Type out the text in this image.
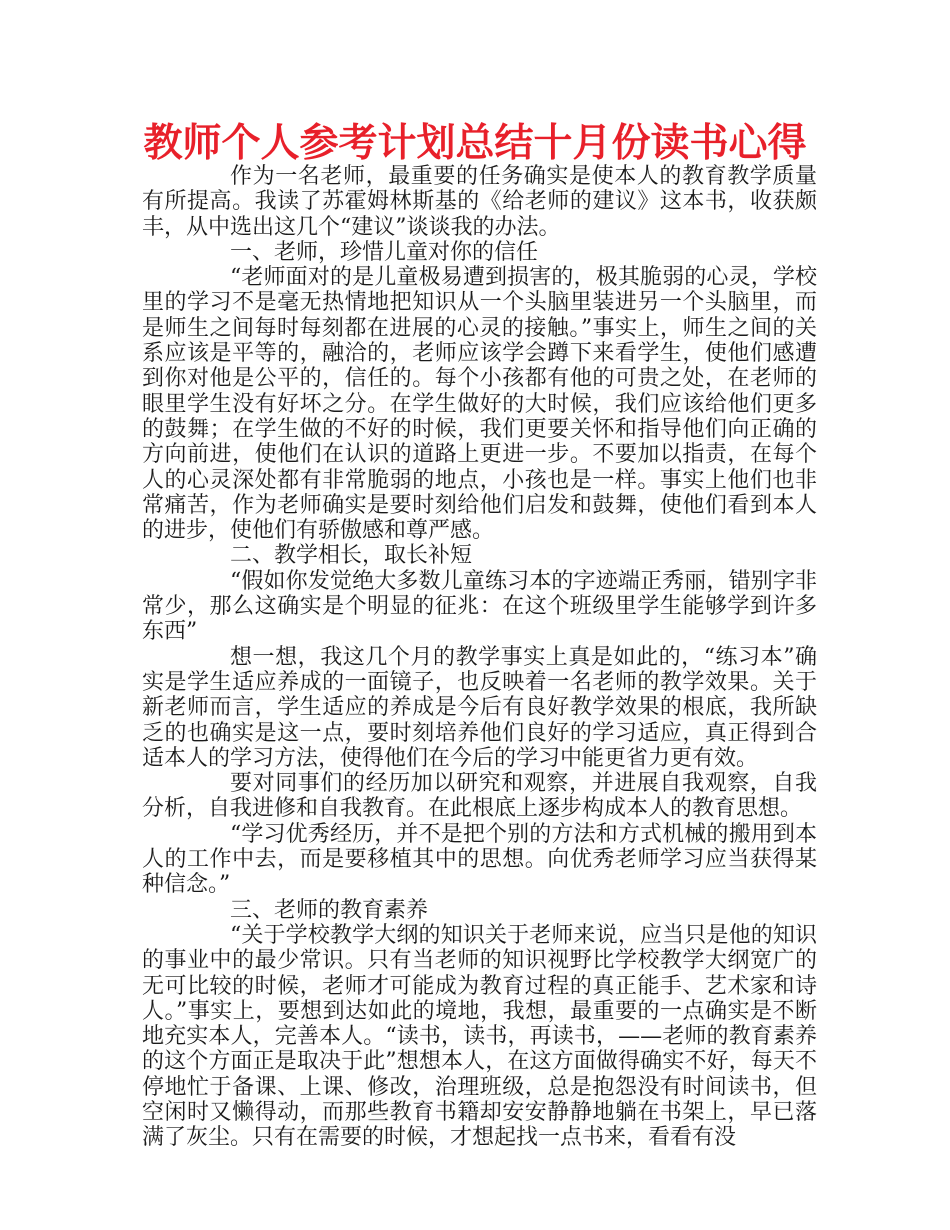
教师个人参考计划总结十月份读书心得

作为一名老师，最重要的任务确实是使本人的教育教学质量有所提高。我读了苏霍姆林斯基的《给老师的建议》这本书，收获颇丰，从中选出这几个“建议”谈谈我的办法。

一、老师，珍惜儿童对你的信任

“老师面对的是儿童极易遭到损害的，极其脆弱的心灵，学校里的学习不是毫无热情地把知识从一个头脑里装进另一个头脑里，而是师生之间每时每刻都在进展的心灵的接触。”事实上，师生之间的关系应该是平等的，融洽的，老师应该学会蹲下来看学生，使他们感遭到你对他是公平的，信任的。每个小孩都有他的可贵之处，在老师的眼里学生没有好坏之分。在学生做好的大时候，我们应该给他们更多的鼓舞；在学生做的不好的时候，我们更要关怀和指导他们向正确的方向前进，使他们在认识的道路上更进一步。不要加以指责，在每个人的心灵深处都有非常脆弱的地点，小孩也是一样。事实上他们也非常痛苦，作为老师确实是要时刻给他们启发和鼓舞，使他们看到本人的进步，使他们有骄傲感和尊严感。

二、教学相长，取长补短

“假如你发觉绝大多数儿童练习本的字迹端正秀丽，错别字非常少，那么这确实是个明显的征兆：在这个班级里学生能够学到许多东西”

想一想，我这几个月的教学事实上真是如此的，“练习本”确实是学生适应养成的一面镜子，也反映着一名老师的教学效果。关于新老师而言，学生适应的养成是今后有良好教学效果的根底，我所缺乏的也确实是这一点，要时刻培养他们良好的学习适应，真正得到合适本人的学习方法，使得他们在今后的学习中能更省力更有效。

要对同事们的经历加以研究和观察，并进展自我观察，自我分析，自我进修和自我教育。在此根底上逐步构成本人的教育思想。

“学习优秀经历，并不是把个别的方法和方式机械的搬用到本人的工作中去，而是要移植其中的思想。向优秀老师学习应当获得某种信念。”

三、老师的教育素养

“关于学校教学大纲的知识关于老师来说，应当只是他的知识的事业中的最少常识。只有当老师的知识视野比学校教学大纲宽广的无可比较的时候，老师才可能成为教育过程的真正能手、艺术家和诗人。”事实上，要想到达如此的境地，我想，最重要的一点确实是不断地充实本人，完善本人。“读书，读书，再读书，——老师的教育素养的这个方面正是取决于此”想想本人，在这方面做得确实不好，每天不停地忙于备课、上课、修改，治理班级，总是抱怨没有时间读书，但空闲时又懒得动，而那些教育书籍却安安静静地躺在书架上，早已落满了灰尘。只有在需要的时候，才想起找一点书来，看看有没
